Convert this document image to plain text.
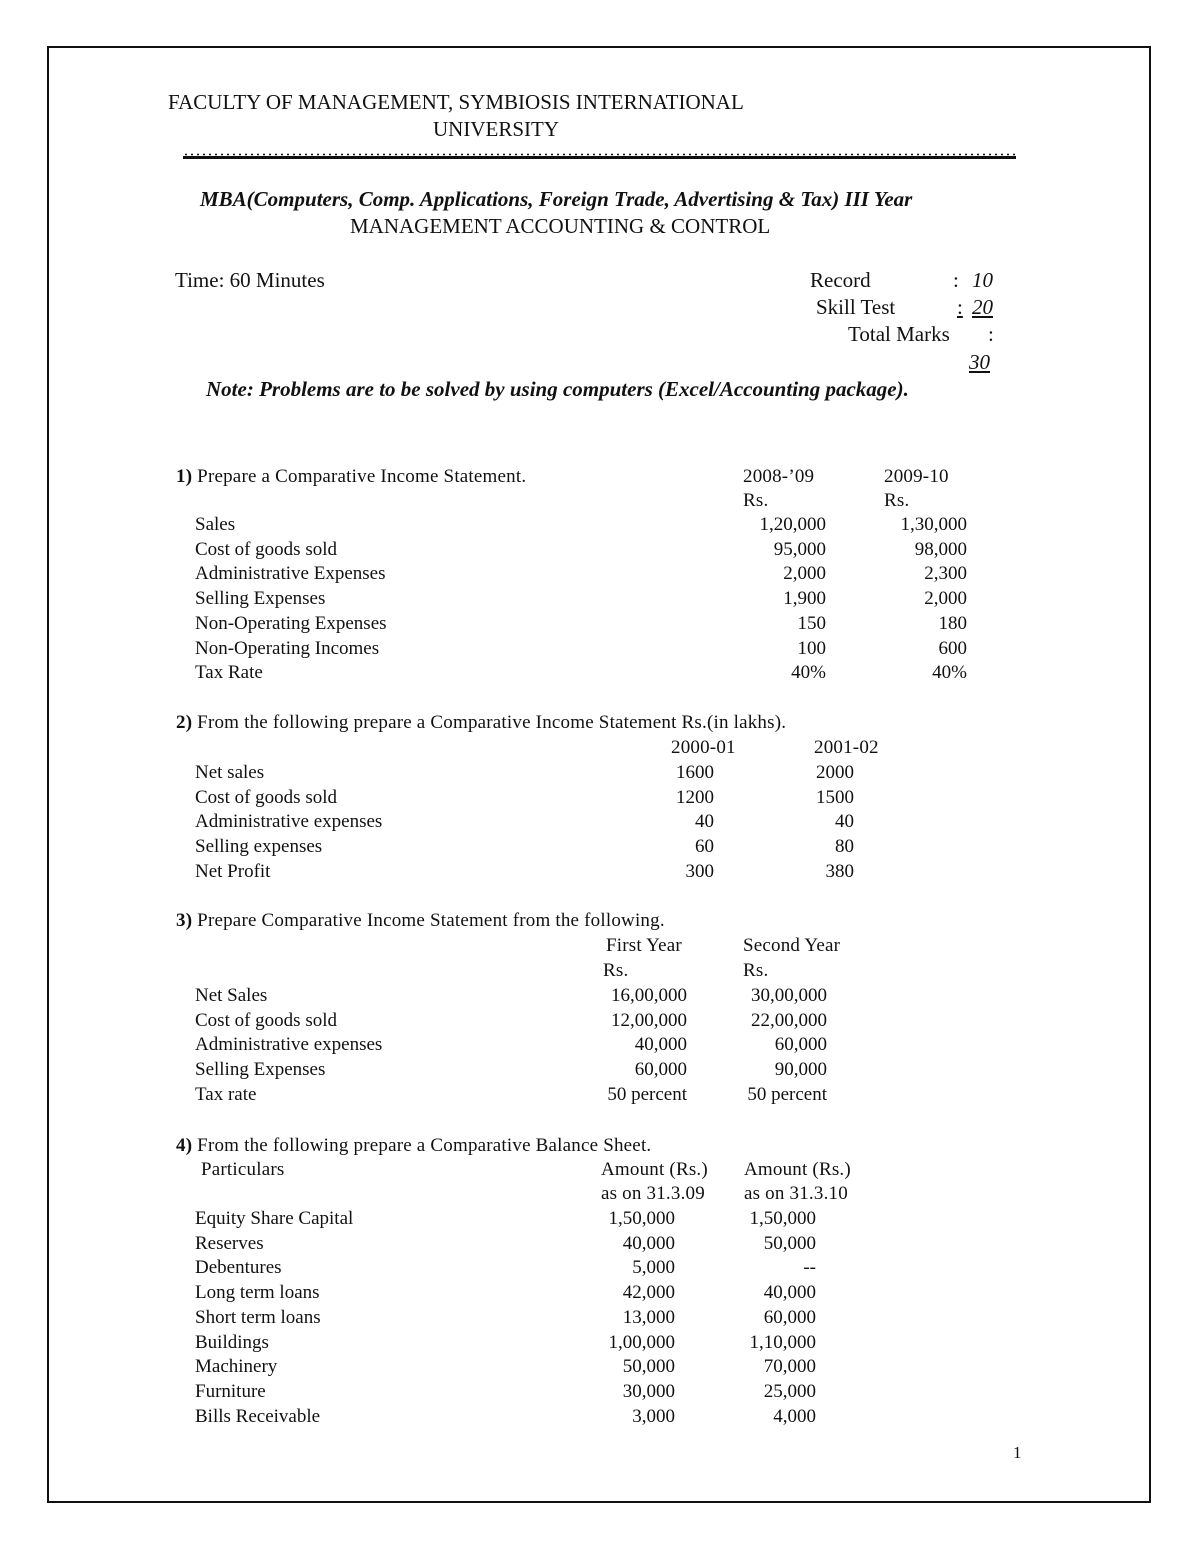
FACULTY OF MANAGEMENT, SYMBIOSIS INTERNATIONAL
UNIVERSITY
MBA(Computers, Comp. Applications, Foreign Trade, Advertising & Tax) III Year
MANAGEMENT ACCOUNTING & CONTROL
Time: 60 Minutes	Record	: 10
Skill Test	: 20
Total Marks :
30
Note: Problems are to be solved by using computers (Excel/Accounting package).
1) Prepare a Comparative Income Statement.	2008-’09	2009-10
Rs.	Rs.
Sales	1,20,000	1,30,000
Cost of goods sold	95,000	98,000
Administrative Expenses	2,000	2,300
Selling Expenses	1,900	2,000
Non-Operating Expenses	150	180
Non-Operating Incomes	100	600
Tax Rate	40%	40%
2) From the following prepare a Comparative Income Statement Rs.(in lakhs).
2000-01	2001-02
Net sales	1600	2000
Cost of goods sold	1200	1500
Administrative expenses	40	40
Selling expenses	60	80
Net Profit	300	380
3) Prepare Comparative Income Statement from the following.
First Year	Second Year
Rs.	Rs.
Net Sales	16,00,000	30,00,000
Cost of goods sold	12,00,000	22,00,000
Administrative expenses	40,000	60,000
Selling Expenses	60,000	90,000
Tax rate	50 percent	50 percent
4) From the following prepare a Comparative Balance Sheet.
Particulars	Amount (Rs.) Amount (Rs.)
as on 31.3.09 as on 31.3.10
Equity Share Capital	1,50,000	1,50,000
Reserves	40,000	50,000
Debentures	5,000	--
Long term loans	42,000	40,000
Short term loans	13,000	60,000
Buildings	1,00,000	1,10,000
Machinery	50,000	70,000
Furniture	30,000	25,000
Bills Receivable	3,000	4,000
1
